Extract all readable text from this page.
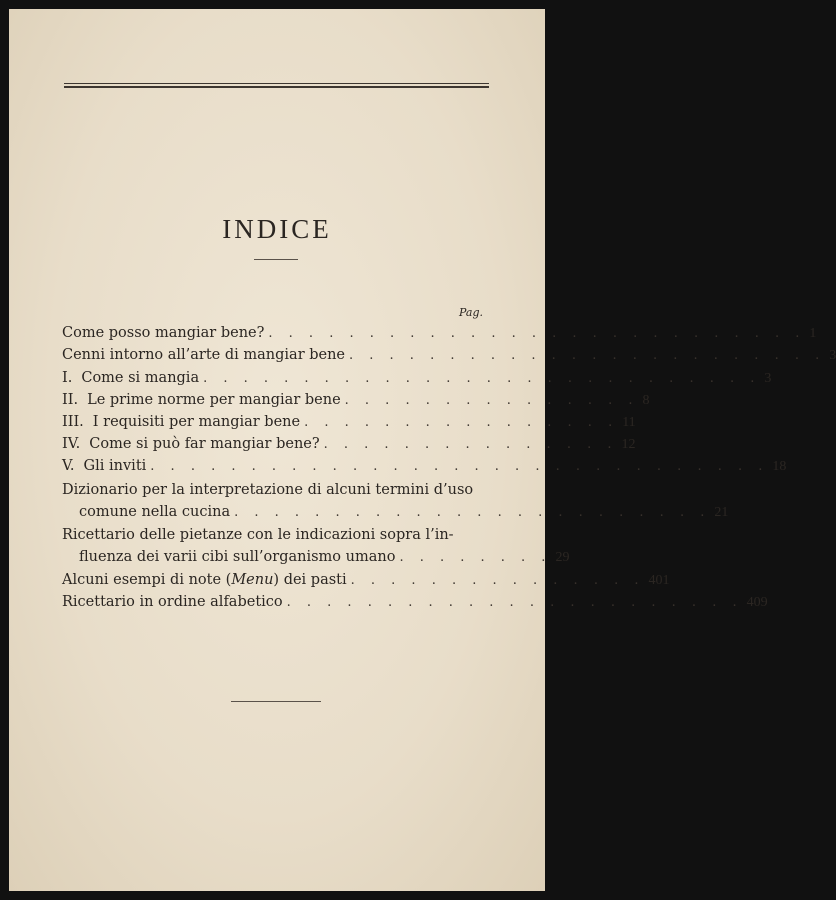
INDICE
Pag.
Come posso mangiar bene? . . . . . . . . . . . . . . . . . . . . . . . . . . . 1
Cenni intorno all’arte di mangiar bene . . . . . . . . . . . . . . . . . . . . . . . . 3
I. Come si mangia . . . . . . . . . . . . . . . . . . . . . . . . . . . . 3
II. Le prime norme per mangiar bene . . . . . . . . . . . . . . . 8
III. I requisiti per mangiar bene . . . . . . . . . . . . . . . . 11
IV. Come si può far mangiar bene? . . . . . . . . . . . . . . . 12
V. Gli inviti . . . . . . . . . . . . . . . . . . . . . . . . . . . . . . . 18
Dizionario per la interpretazione di alcuni termini d’uso
comune nella cucina . . . . . . . . . . . . . . . . . . . . . . . . 21
Ricettario delle pietanze con le indicazioni sopra l’in-
fluenza dei varii cibi sull’organismo umano . . . . . . . . 29
Alcuni esempi di note (Menu) dei pasti . . . . . . . . . . . . . . . 401
Ricettario in ordine alfabetico . . . . . . . . . . . . . . . . . . . . . . . 409
